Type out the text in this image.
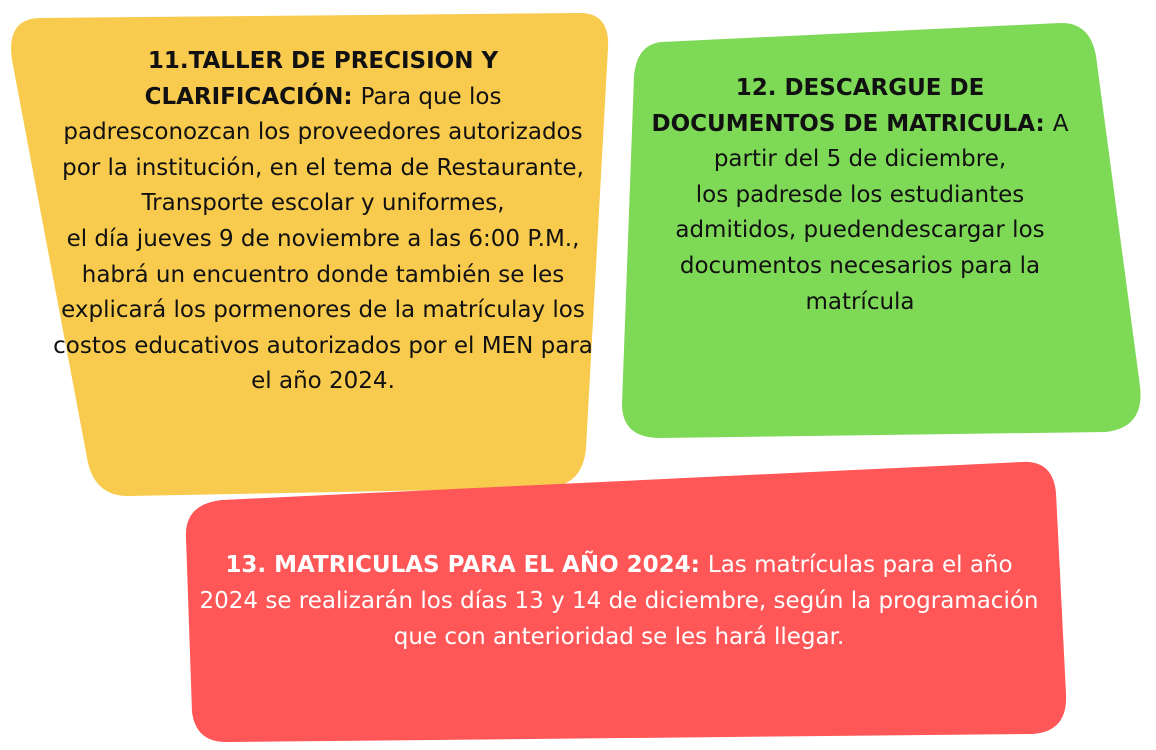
11.TALLER DE PRECISION Y CLARIFICACIÓN: Para que los padresconozcan los proveedores autorizados por la institución, en el tema de Restaurante, Transporte escolar y uniformes,
el día jueves 9 de noviembre a las 6:00 P.M., habrá un encuentro donde también se les explicará los pormenores de la matrículay los costos educativos autorizados por el MEN para el año 2024.
12. DESCARGUE DE DOCUMENTOS DE MATRICULA: A partir del 5 de diciembre,
los padresde los estudiantes admitidos, puedendescargar los documentos necesarios para la matrícula
13. MATRICULAS PARA EL AÑO 2024: Las matrículas para el año 2024 se realizarán los días 13 y 14 de diciembre, según la programación que con anterioridad se les hará llegar.
